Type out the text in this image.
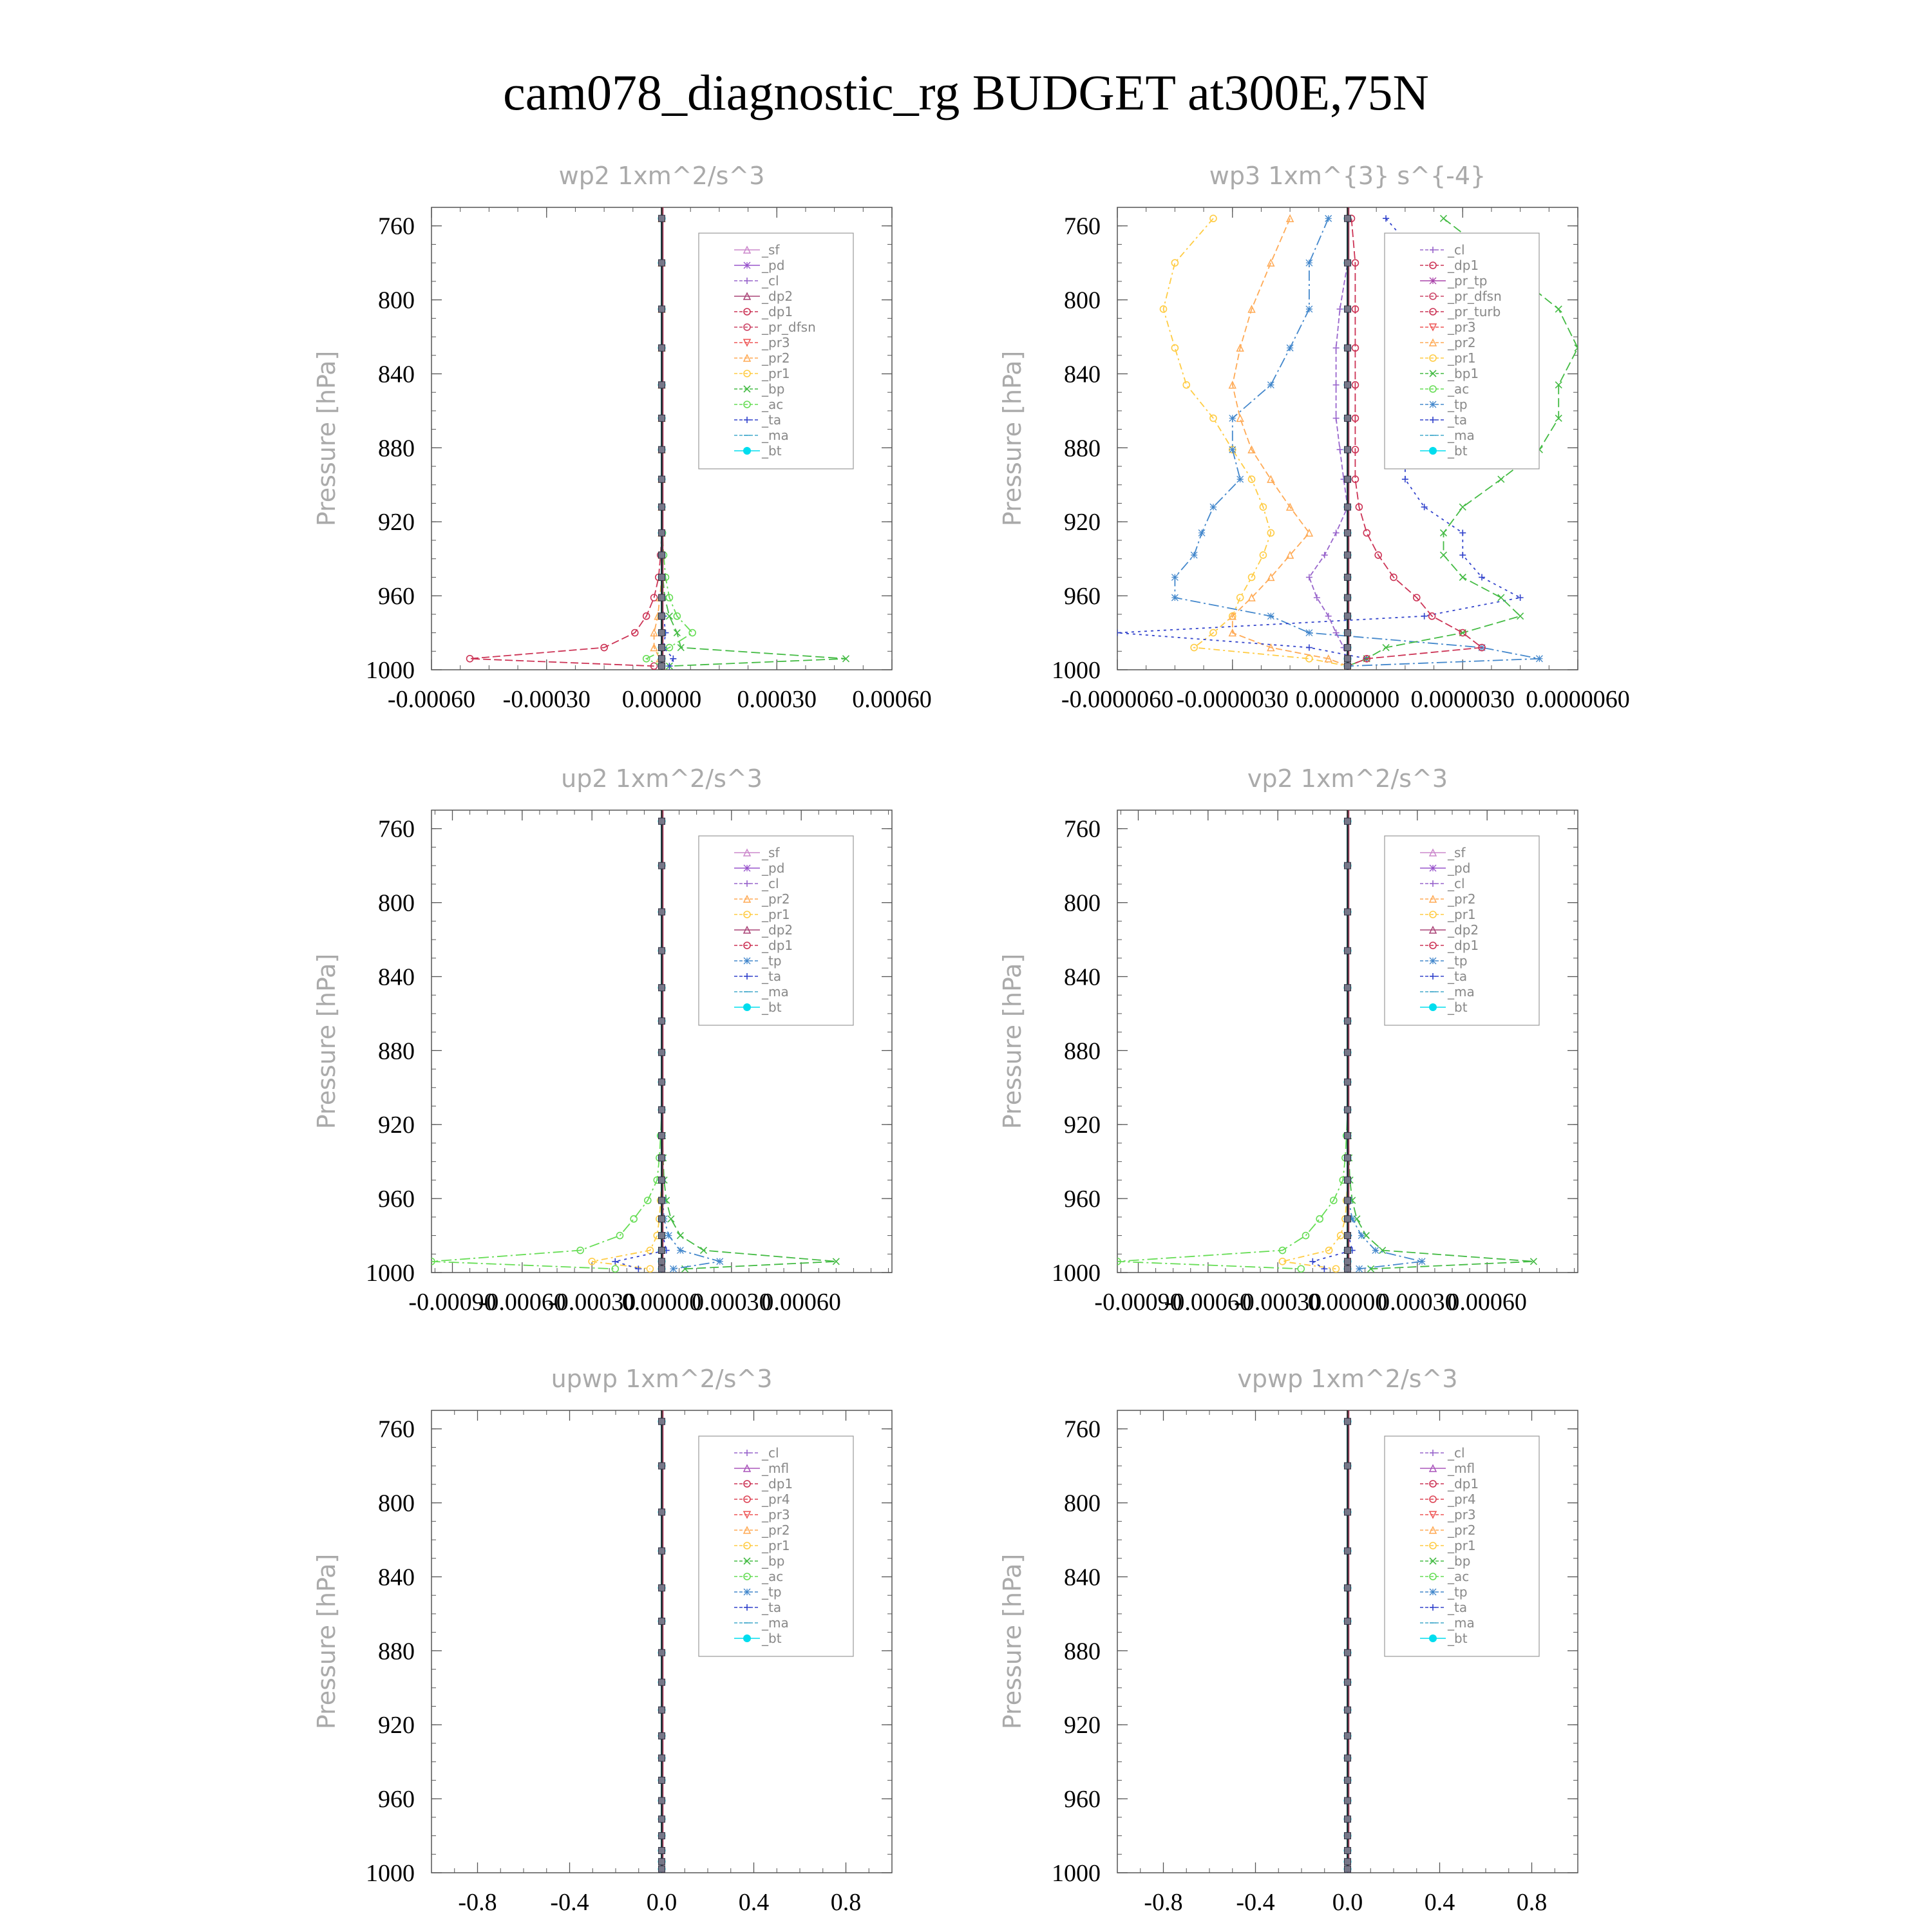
cam078_diagnostic_rg BUDGET at300E,75N
wp2 1xm^2/s^3
Pressure [hPa]
760
800
840
880
920
960
1000
-0.00060 -0.00030 0.00000 0.00030 0.00060
_sf
_pd
_cl
_dp2
_dp1
_pr_dfsn
_pr3
_pr2
_pr1
_bp
_ac
_ta
_ma
_bt
wp3 1xm^{3} s^{-4}
Pressure [hPa]
760
800
840
880
920
960
1000
-0.0000060 -0.0000030 0.0000000 0.0000030 0.0000060
_cl
_dp1
_pr_tp
_pr_dfsn
_pr_turb
_pr3
_pr2
_pr1
_bp1
_ac
_tp
_ta
_ma
_bt
up2 1xm^2/s^3
Pressure [hPa]
760
800
840
880
920
960
1000
-0.00090
-0.00060
-0.00030
0.00000
0.00030
0.00060
_sf
_pd
_cl
_pr2
_pr1
_dp2
_dp1
_tp
_ta
_ma
_bt
vp2 1xm^2/s^3
Pressure [hPa]
760
800
840
880
920
960
1000
-0.00090
-0.00060
-0.00030
0.00000
0.00030
0.00060
_sf
_pd
_cl
_pr2
_pr1
_dp2
_dp1
_tp
_ta
_ma
_bt
upwp 1xm^2/s^3
Pressure [hPa]
760
800
840
880
920
960
1000
-0.8 -0.4 0.0	0.4	0.8
_cl
_mfl
_dp1
_pr4
_pr3
_pr2
_pr1
_bp
_ac
_tp
_ta
_ma
_bt
vpwp 1xm^2/s^3
Pressure [hPa]
760
800
840
880
920
960
1000
-0.8 -0.4 0.0	0.4	0.8
_cl
_mfl
_dp1
_pr4
_pr3
_pr2
_pr1
_bp
_ac
_tp
_ta
_ma
_bt
